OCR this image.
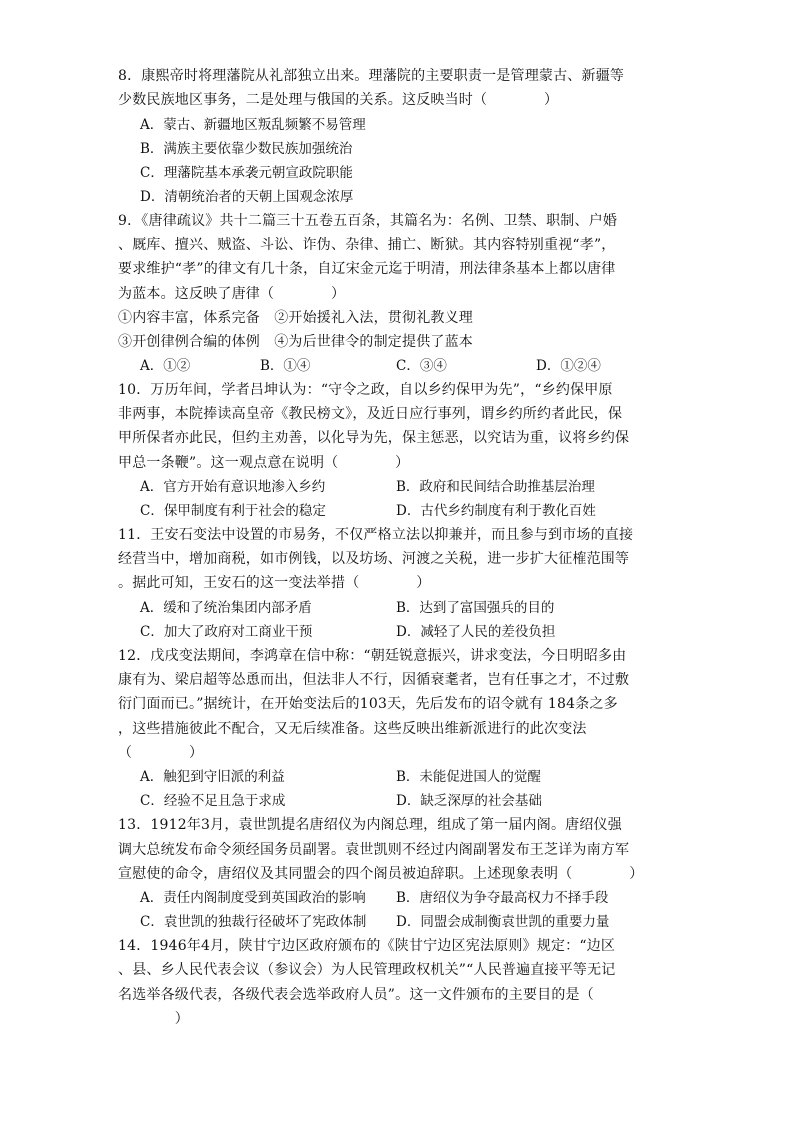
8．康熙帝时将理藩院从礼部独立出来。理藩院的主要职责一是管理蒙古、新疆等
少数民族地区事务，二是处理与俄国的关系。这反映当时（　　　　）
A．蒙古、新疆地区叛乱频繁不易管理
B．满族主要依靠少数民族加强统治
C．理藩院基本承袭元朝宣政院职能
D．清朝统治者的天朝上国观念浓厚
9．《唐律疏议》共十二篇三十五卷五百条，其篇名为：名例、卫禁、职制、户婚
、厩库、擅兴、贼盗、斗讼、诈伪、杂律、捕亡、断狱。其内容特别重视“孝”，
要求维护“孝”的律文有几十条，自辽宋金元迄于明清，刑法律条基本上都以唐律
为蓝本。这反映了唐律（　　　　）
①内容丰富，体系完备　②开始援礼入法，贯彻礼教义理
③开创律例合编的体例　④为后世律令的制定提供了蓝本
A．①②	B．①④	C．③④	D．①②④
10．万历年间，学者吕坤认为：“守令之政，自以乡约保甲为先”，“乡约保甲原
非两事，本院捧读高皇帝《教民榜文》，及近日应行事列，谓乡约所约者此民，保
甲所保者亦此民，但约主劝善，以化导为先，保主惩恶，以究诘为重，议将乡约保
甲总一条鞭”。这一观点意在说明（　　　　）
A．官方开始有意识地渗入乡约	B．政府和民间结合助推基层治理
C．保甲制度有利于社会的稳定	D．古代乡约制度有利于教化百姓
11．王安石变法中设置的市易务，不仅严格立法以抑兼并，而且参与到市场的直接
经营当中，增加商税，如市例钱，以及坊场、河渡之关税，进一步扩大征榷范围等
。据此可知，王安石的这一变法举措（　　　　）
A．缓和了统治集团内部矛盾	B．达到了富国强兵的目的
C．加大了政府对工商业干预	D．减轻了人民的差役负担
12．戊戌变法期间，李鸿章在信中称：“朝廷锐意振兴，讲求变法，今日明昭多由
康有为、梁启超等怂恿而出，但法非人不行，因循衰耄者，岂有任事之才，不过敷
衍门面而已。”据统计，在开始变法后的103天，先后发布的诏令就有 184条之多
，这些措施彼此不配合，又无后续准备。这些反映出维新派进行的此次变法
（　　　　）
A．触犯到守旧派的利益	B．未能促进国人的觉醒
C．经验不足且急于求成	D．缺乏深厚的社会基础
13．1912年3月，袁世凯提名唐绍仪为内阁总理，组成了第一届内阁。唐绍仪强
调大总统发布命令须经国务员副署。袁世凯则不经过内阁副署发布王芝详为南方军
宣慰使的命令，唐绍仪及其同盟会的四个阁员被迫辞职。上述现象表明（　　　　）
A．责任内阁制度受到英国政治的影响 B．唐绍仪为争夺最高权力不择手段
C．袁世凯的独裁行径破坏了宪政体制 D．同盟会成制衡袁世凯的重要力量
14．1946年4月，陕甘宁边区政府颁布的《陕甘宁边区宪法原则》规定：“边区
、县、乡人民代表会议（参议会）为人民管理政权机关”“人民普遍直接平等无记
名选举各级代表，各级代表会选举政府人员”。这一文件颁布的主要目的是（
　　　　）
